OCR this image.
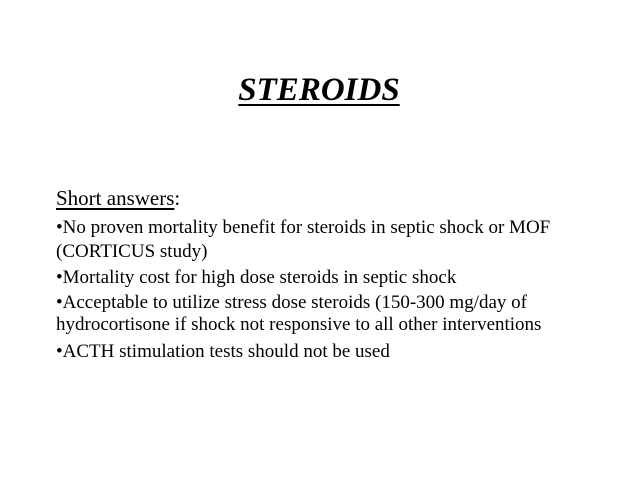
STEROIDS
Short answers:
•No proven mortality benefit for steroids in septic shock or MOF (CORTICUS study)
•Mortality cost for high dose steroids in septic shock
•Acceptable to utilize stress dose steroids (150-300 mg/day of hydrocortisone if shock not responsive to all other interventions
•ACTH stimulation tests should not be used
